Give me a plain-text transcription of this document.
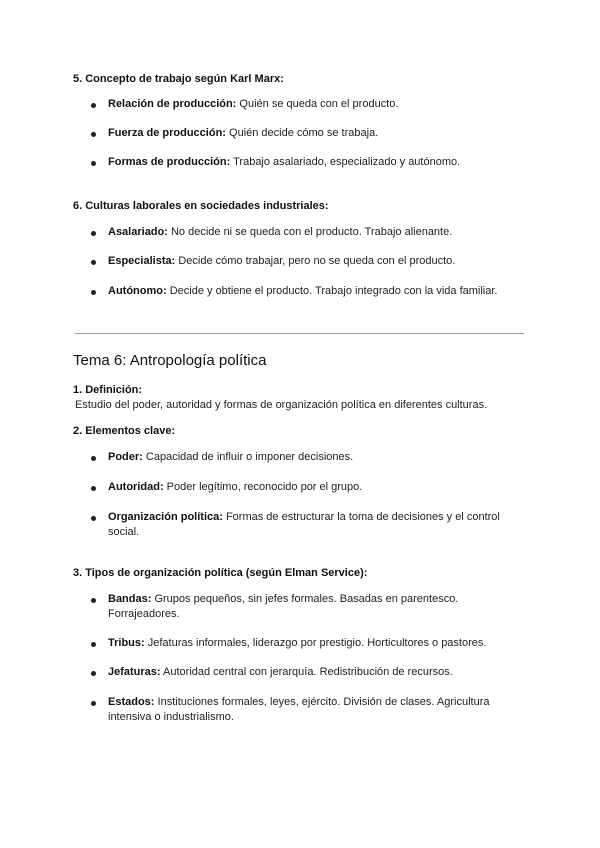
5. Concepto de trabajo según Karl Marx:
Relación de producción: Quién se queda con el producto.
Fuerza de producción: Quién decide cómo se trabaja.
Formas de producción: Trabajo asalariado, especializado y autónomo.
6. Culturas laborales en sociedades industriales:
Asalariado: No decide ni se queda con el producto. Trabajo alienante.
Especialista: Decide cómo trabajar, pero no se queda con el producto.
Autónomo: Decide y obtiene el producto. Trabajo integrado con la vida familiar.
Tema 6: Antropología política
1. Definición:
Estudio del poder, autoridad y formas de organización política en diferentes culturas.
2. Elementos clave:
Poder: Capacidad de influir o imponer decisiones.
Autoridad: Poder legítimo, reconocido por el grupo.
Organización política: Formas de estructurar la toma de decisiones y el control
social.
3. Tipos de organización política (según Elman Service):
Bandas: Grupos pequeños, sin jefes formales. Basadas en parentesco.
Forrajeadores.
Tribus: Jefaturas informales, liderazgo por prestigio. Horticultores o pastores.
Jefaturas: Autoridad central con jerarquía. Redistribución de recursos.
Estados: Instituciones formales, leyes, ejército. División de clases. Agricultura
intensiva o industrialismo.
